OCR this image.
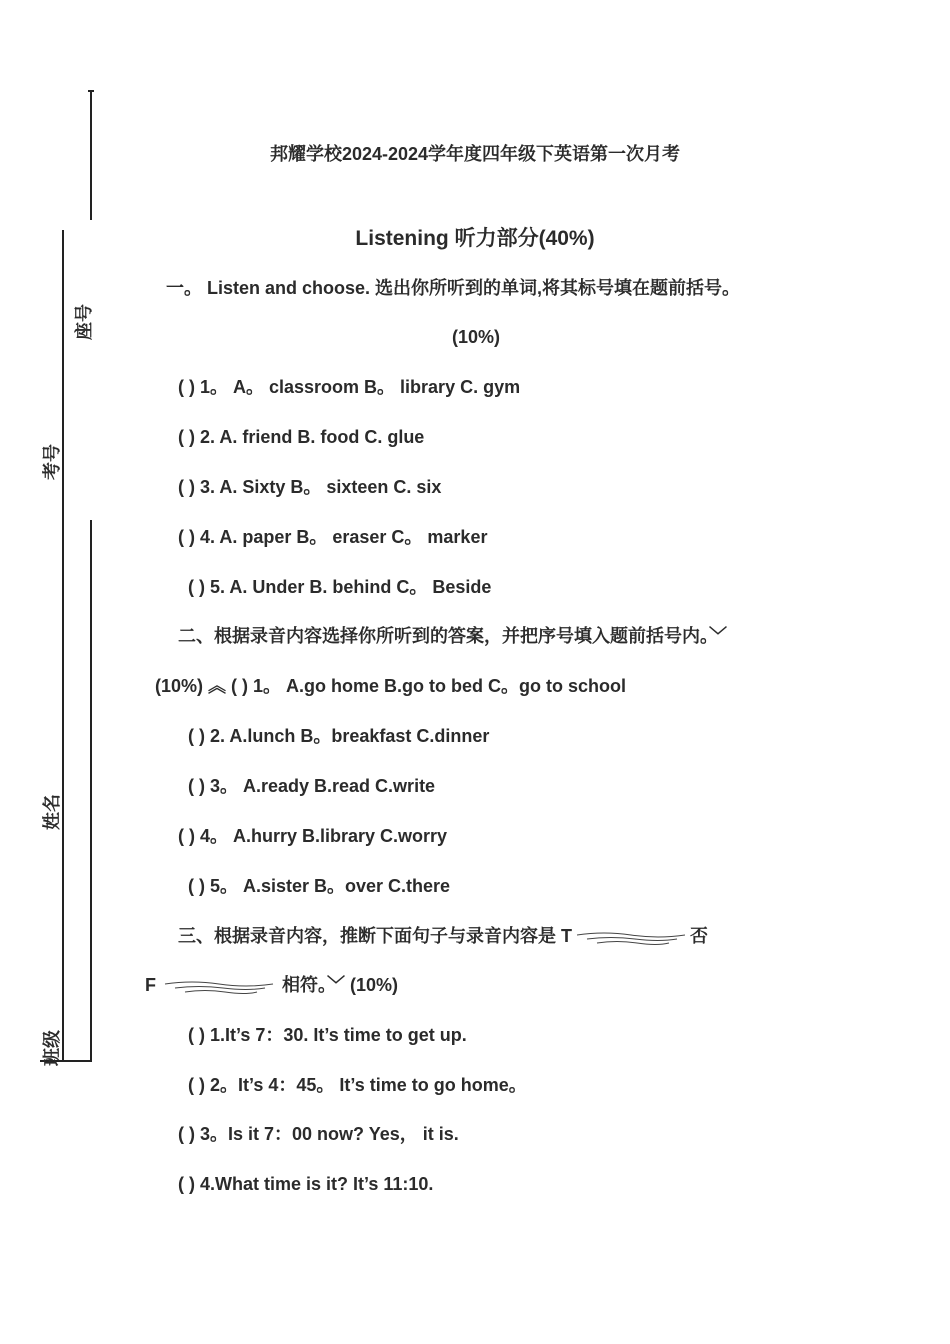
班级
姓名
考号
座号
邦耀学校2024-2024学年度四年级下英语第一次月考
Listening 听力部分(40%)
一。 Listen and choose. 选出你所听到的单词,将其标号填在题前括号。
(10%)
( ) 1。 A。 classroom B。 library C. gym
( ) 2. A. friend B. food C. glue
( ) 3. A. Sixty B。 sixteen C. six
( ) 4. A. paper B。 eraser C。 marker
( ) 5. A. Under B. behind C。 Beside
二、根据录音内容选择你所听到的答案，并把序号填入题前括号内。﹀
(10%) ︽ ( ) 1。 A.go home B.go to bed C。go to school
( ) 2. A.lunch B。breakfast C.dinner
( ) 3。 A.ready B.read C.write
( ) 4。 A.hurry B.library C.worry
( ) 5。 A.sister B。over C.there
三、根据录音内容，推断下面句子与录音内容是 T	否
F	相符。﹀ (10%)
( ) 1.It’s 7：30. It’s time to get up.
( ) 2。It’s 4：45。 It’s time to go home。
( ) 3。Is it 7：00 now? Yes， it is.
( ) 4.What time is it? It’s 11:10.
